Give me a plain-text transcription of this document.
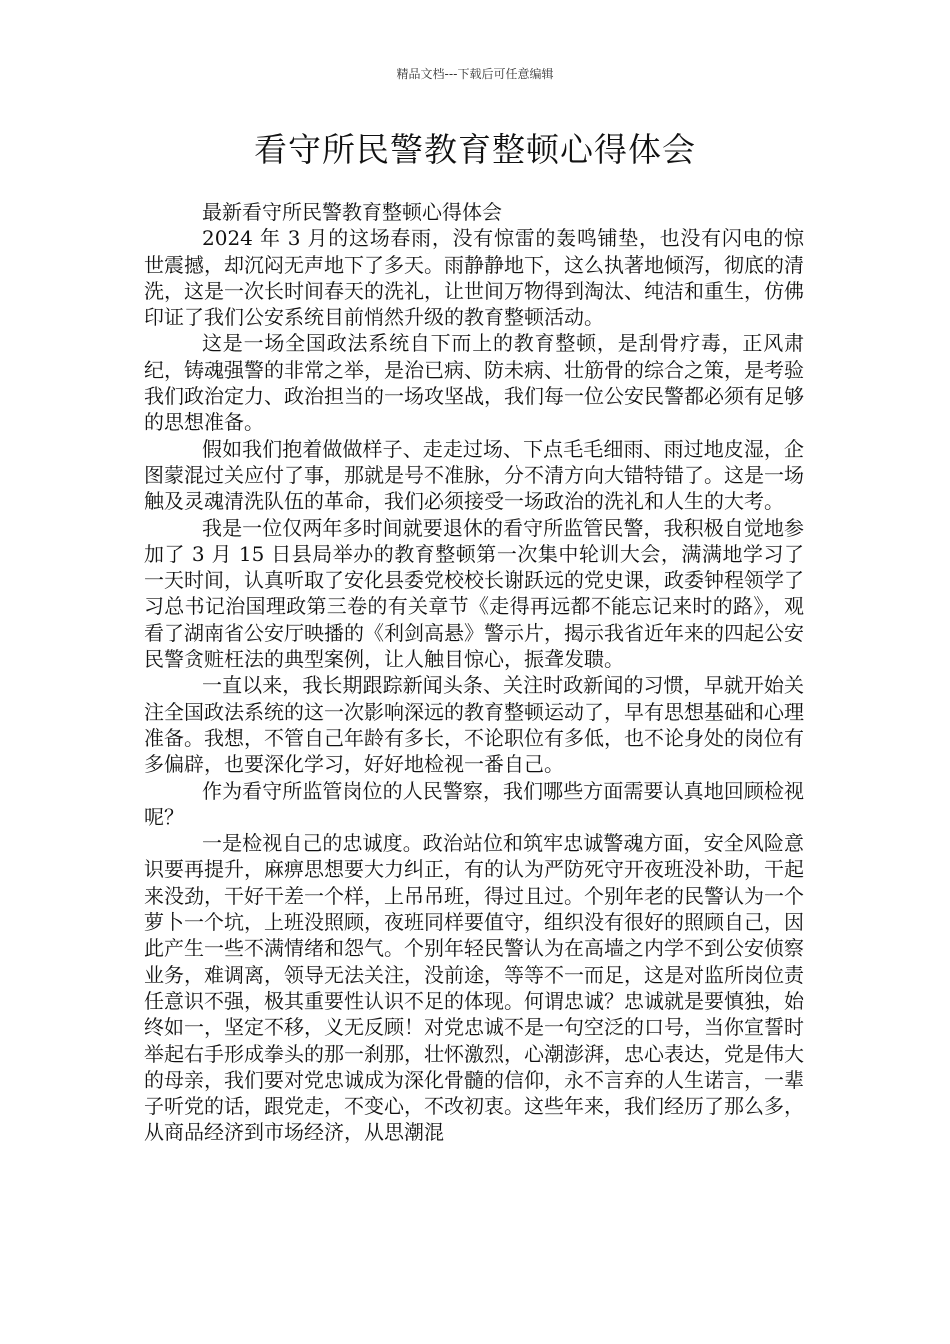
精品文档---下载后可任意编辑
看守所民警教育整顿心得体会

最新看守所民警教育整顿心得体会

2024 年 3 月的这场春雨，没有惊雷的轰鸣铺垫，也没有闪电的惊世震撼，却沉闷无声地下了多天。雨静静地下，这么执著地倾泻，彻底的清洗，这是一次长时间春天的洗礼，让世间万物得到淘汰、纯洁和重生，仿佛印证了我们公安系统目前悄然升级的教育整顿活动。

这是一场全国政法系统自下而上的教育整顿，是刮骨疗毒，正风肃纪，铸魂强警的非常之举，是治已病、防未病、壮筋骨的综合之策，是考验我们政治定力、政治担当的一场攻坚战，我们每一位公安民警都必须有足够的思想准备。

假如我们抱着做做样子、走走过场、下点毛毛细雨、雨过地皮湿，企图蒙混过关应付了事，那就是号不准脉，分不清方向大错特错了。这是一场触及灵魂清洗队伍的革命，我们必须接受一场政治的洗礼和人生的大考。

我是一位仅两年多时间就要退休的看守所监管民警，我积极自觉地参加了 3 月 15 日县局举办的教育整顿第一次集中轮训大会，满满地学习了一天时间，认真听取了安化县委党校校长谢跃远的党史课，政委钟程领学了习总书记治国理政第三卷的有关章节《走得再远都不能忘记来时的路》，观看了湖南省公安厅映播的《利剑高悬》警示片，揭示我省近年来的四起公安民警贪赃枉法的典型案例，让人触目惊心，振聋发聩。

一直以来，我长期跟踪新闻头条、关注时政新闻的习惯，早就开始关注全国政法系统的这一次影响深远的教育整顿运动了，早有思想基础和心理准备。我想，不管自己年龄有多长，不论职位有多低，也不论身处的岗位有多偏辟，也要深化学习，好好地检视一番自己。

作为看守所监管岗位的人民警察，我们哪些方面需要认真地回顾检视呢？

一是检视自己的忠诚度。政治站位和筑牢忠诚警魂方面，安全风险意识要再提升，麻痹思想要大力纠正，有的认为严防死守开夜班没补助，干起来没劲，干好干差一个样，上吊吊班，得过且过。个别年老的民警认为一个萝卜一个坑，上班没照顾，夜班同样要值守，组织没有很好的照顾自己，因此产生一些不满情绪和怨气。个别年轻民警认为在高墙之内学不到公安侦察业务，难调离，领导无法关注，没前途，等等不一而足，这是对监所岗位责任意识不强，极其重要性认识不足的体现。何谓忠诚？忠诚就是要慎独，始终如一，坚定不移，义无反顾！对党忠诚不是一句空泛的口号，当你宣誓时举起右手形成拳头的那一刹那，壮怀激烈，心潮澎湃，忠心表达，党是伟大的母亲，我们要对党忠诚成为深化骨髓的信仰，永不言弃的人生诺言，一辈子听党的话，跟党走，不变心，不改初衷。这些年来，我们经历了那么多，从商品经济到市场经济，从思潮混
